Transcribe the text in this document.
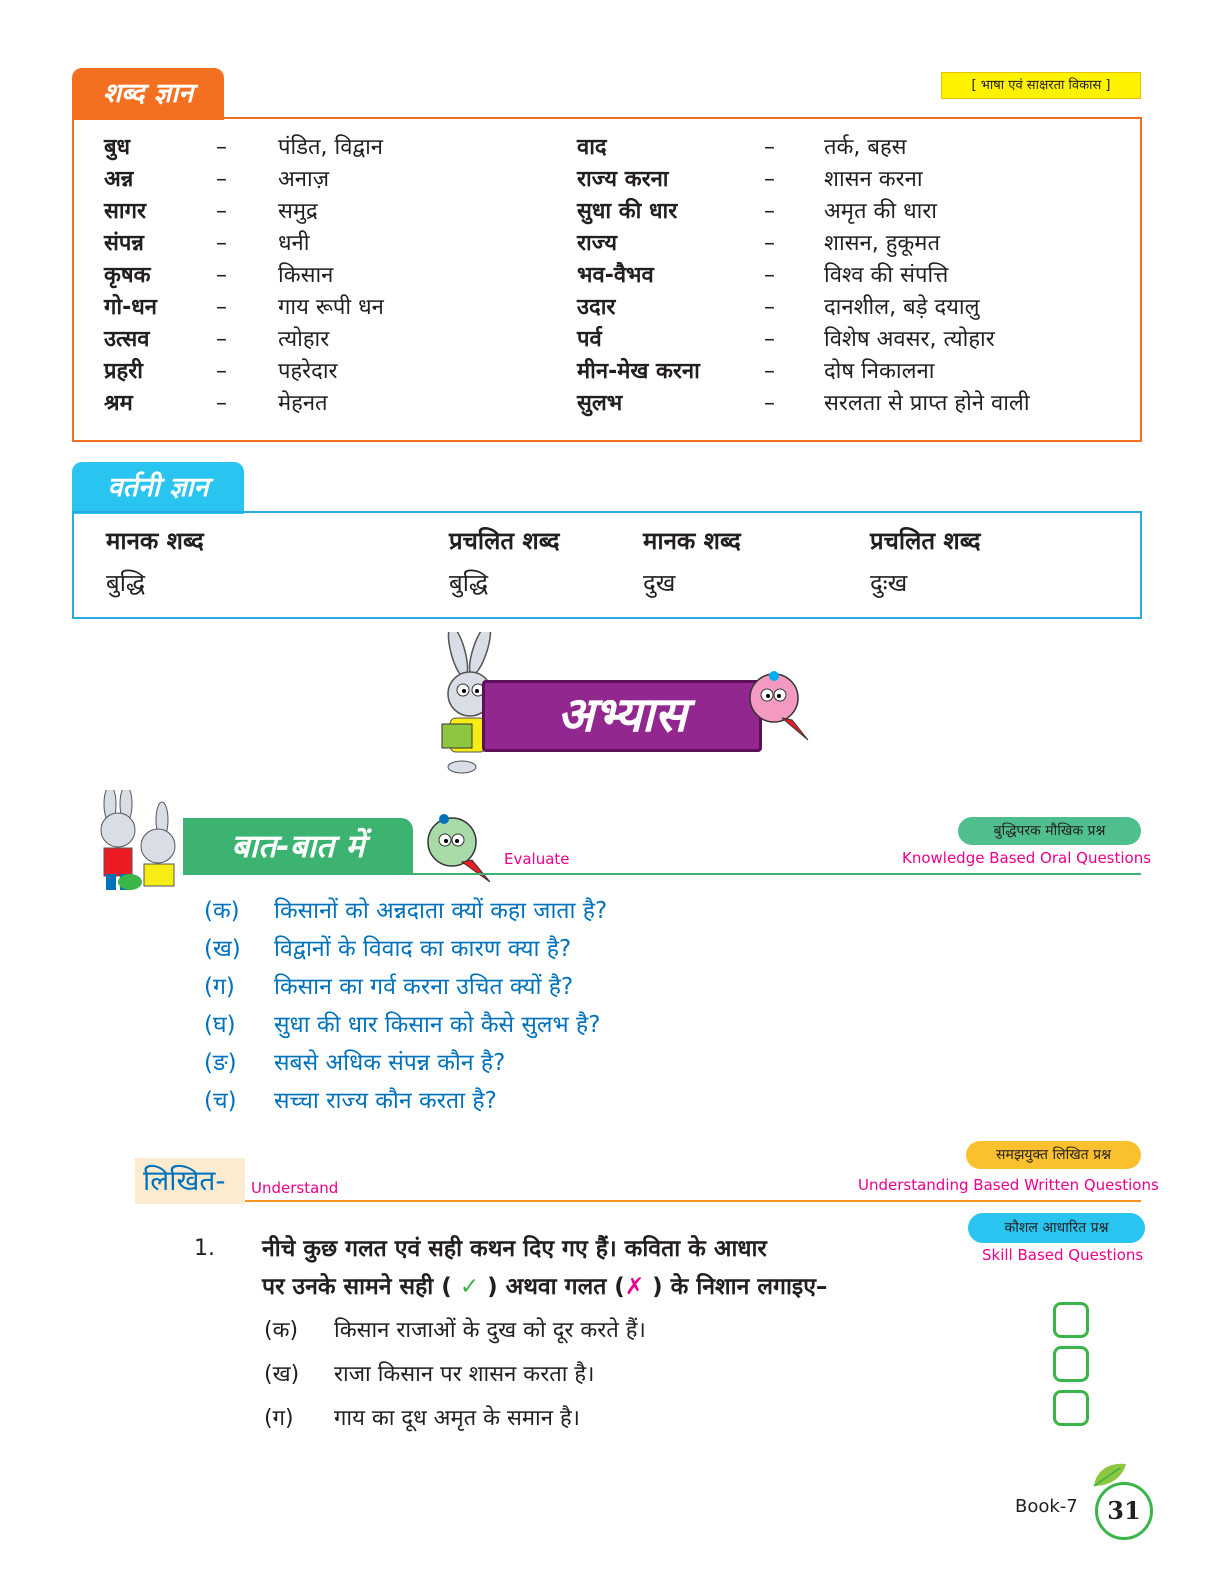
शब्द ज्ञान	[ भाषा एवं साक्षरता विकास ]
बुध	– पंडित, विद्वान	वाद	– तर्क, बहस
अन्न	– अनाज़	राज्य करना	– शासन करना
सागर	– समुद्र	सुधा की धार	– अमृत की धारा
संपन्न	– धनी	राज्य	– शासन, हुकूमत
कृषक	– किसान	भव-वैभव	– विश्व की संपत्ति
गो-धन	– गाय रूपी धन	उदार	– दानशील, बड़े दयालु
उत्सव	– त्योहार	पर्व	– विशेष अवसर, त्योहार
प्रहरी	– पहरेदार	मीन-मेख करना	– दोष निकालना
श्रम	– मेहनत	सुलभ	– सरलता से प्राप्त होने वाली
वर्तनी ज्ञान
मानक शब्द	प्रचलित शब्द	मानक शब्द	प्रचलित शब्द
बुद्धि	बुद्धि	दुख	दुःख
अभ्यास
बात-बात में	Evaluate
बुद्धिपरक मौखिक प्रश्न
Knowledge Based Oral Questions
(क) किसानों को अन्नदाता क्यों कहा जाता है?
(ख) विद्वानों के विवाद का कारण क्या है?
(ग) किसान का गर्व करना उचित क्यों है?
(घ) सुधा की धार किसान को कैसे सुलभ है?
(ङ) सबसे अधिक संपन्न कौन है?
(च) सच्चा राज्य कौन करता है?
लिखित-	Understand
समझयुक्त लिखित प्रश्न
Understanding Based Written Questions
कौशल आधारित प्रश्न
Skill Based Questions
1. नीचे कुछ गलत एवं सही कथन दिए गए हैं। कविता के आधार
पर उनके सामने सही ( ✓ ) अथवा गलत (✗ ) के निशान लगाइए–
(क) किसान राजाओं के दुख को दूर करते हैं।
(ख) राजा किसान पर शासन करता है।
(ग) गाय का दूध अमृत के समान है।
Book-7	31
